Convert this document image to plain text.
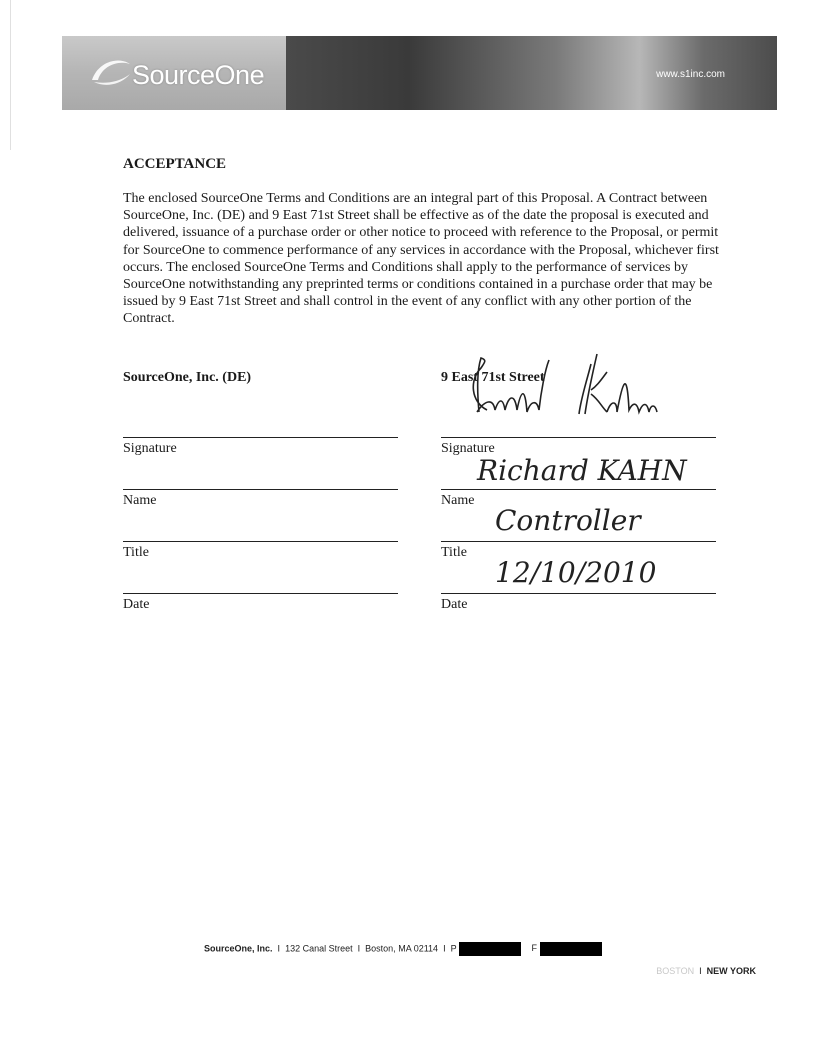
SourceOne	www.s1inc.com
ACCEPTANCE
The enclosed SourceOne Terms and Conditions are an integral part of this Proposal. A Contract between SourceOne, Inc. (DE) and 9 East 71st Street shall be effective as of the date the proposal is executed and delivered, issuance of a purchase order or other notice to proceed with reference to the Proposal, or permit for SourceOne to commence performance of any services in accordance with the Proposal, whichever first occurs. The enclosed SourceOne Terms and Conditions shall apply to the performance of services by SourceOne notwithstanding any preprinted terms or conditions contained in a purchase order that may be issued by 9 East 71st Street and shall control in the event of any conflict with any other portion of the Contract.
SourceOne, Inc. (DE)
Signature
Name
Title
Date
9 East 71st Street
Signature
Richard KAHN
Name
Controller
Title
12/10/2010
Date
SourceOne, Inc.  I  132 Canal Street  I  Boston, MA 02114  I  P	F
BOSTON  I  NEW YORK
